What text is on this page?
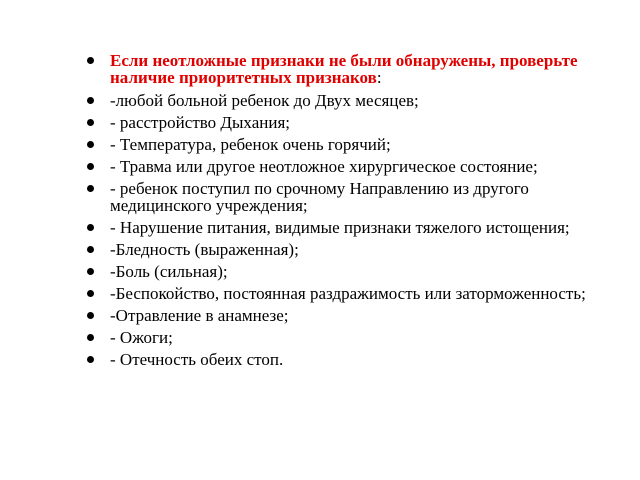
Если неотложные признаки не были обнаружены, проверьте наличие приоритетных признаков:
-любой больной ребенок до Двух месяцев;
- расстройство Дыхания;
- Температура, ребенок очень горячий;
- Травма или другое неотложное хирургическое состояние;
- ребенок поступил по срочному Направлению из другого медицинского учреждения;
- Нарушение питания, видимые признаки тяжелого истощения;
-Бледность (выраженная);
-Боль (сильная);
-Беспокойство, постоянная раздражимость или заторможенность;
-Отравление в анамнезе;
- Ожоги;
- Отечность обеих стоп.
